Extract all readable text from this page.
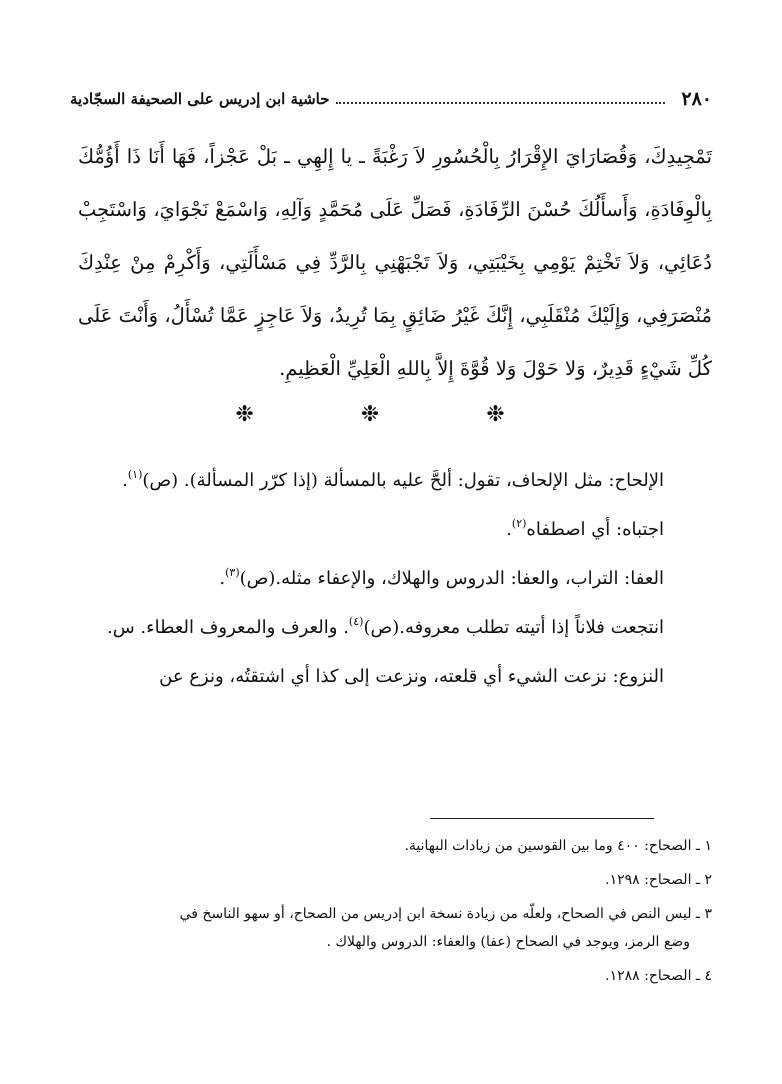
٢٨٠
حاشية ابن إدريس على الصحيفة السجّادية
تَمْجِيدِكَ، وَقُصَارَايَ الإِقْرَارُ بِالْحُسُورِ لاَ رَغْبَةً ـ يا إِلهِي ـ بَلْ عَجْزاً، فَهَا أَنَا ذَا أَؤُمُّكَ بِالْوِفَادَةِ، وَأَسأَلُكَ حُسْنَ الرِّفَادَةِ، فَصَلِّ عَلَى مُحَمَّدٍ وَآلِهِ، وَاسْمَعْ نَجْوَايَ، وَاسْتَجِبْ دُعَائِي، وَلاَ تَخْتِمْ يَوْمِي بِخَيْبَتِي، وَلاَ تَجْبَهْنِي بِالرَّدِّ فِي مَسْأَلَتِي، وَأَكْرِمْ مِنْ عِنْدِكَ مُنْصَرَفِي، وَإِلَيْكَ مُنْقَلَبِي، إِنَّكَ غَيْرُ ضَائِقٍ بِمَا تُرِيدُ، وَلاَ عَاجِزٍ عَمَّا تُسْأَلُ، وَأَنْتَ عَلَى كُلِّ شَيْءٍ قَدِيرٌ، وَلا حَوْلَ وَلا قُوَّةَ إِلاَّ بِاللهِ الْعَلِيِّ الْعَظِيمِ.
❉	❉	❉

الإلحاح: مثل الإلحاف، تقول: ألحَّ عليه بالمسألة (إذا كرّر المسألة). (ص)$^{(١)}$.

اجتباه: أي اصطفاه$^{(٢)}$.

العفا: التراب، والعفا: الدروس والهلاك، والإعفاء مثله.(ص)$^{(٣)}$.

انتجعت فلاناً إذا أتيته تطلب معروفه.(ص)$^{(٤)}$. والعرف والمعروف العطاء. س.

النزوع: نزعت الشيء أي قلعته، ونزعت إلى كذا أي اشتقتُه، ونزع عن

١ ـ الصحاح: ٤٠٠ وما بين القوسين من زيادات البهانية.

٢ ـ الصحاح: ١٢٩٨.

٣ ـ ليس النص في الصحاح، ولعلّه من زيادة نسخة ابن إدريس من الصحاح، أو سهو الناسخ في

وضع الرمز، ويوجد في الصحاح (عفا) والعفاء: الدروس والهلاك .

٤ ـ الصحاح: ١٢٨٨.
